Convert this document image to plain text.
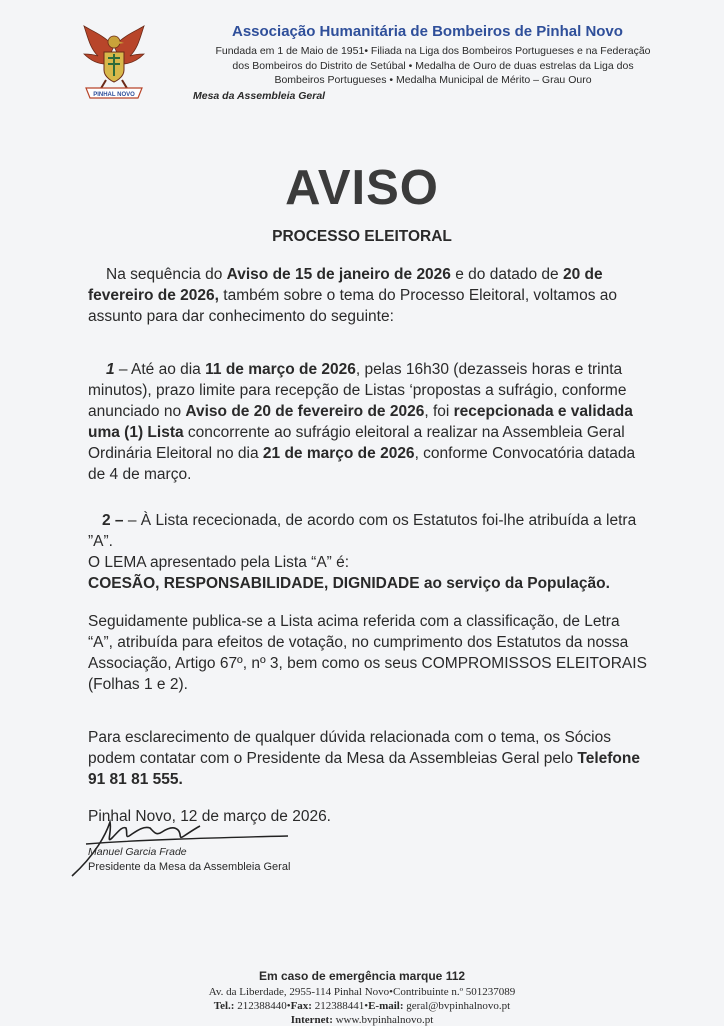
PINHAL NOVO
Associação Humanitária de Bombeiros de Pinhal Novo
Fundada em 1 de Maio de 1951• Filiada na Liga dos Bombeiros Portugueses e na Federação
dos Bombeiros do Distrito de Setúbal • Medalha de Ouro de duas estrelas da Liga dos
Bombeiros Portugueses • Medalha Municipal de Mérito – Grau Ouro
Mesa da Assembleia Geral
AVISO
PROCESSO ELEITORAL
Na sequência do Aviso de 15 de janeiro de 2026 e do datado de 20 de fevereiro de 2026, também sobre o tema do Processo Eleitoral, voltamos ao assunto para dar conhecimento do seguinte:
1 – Até ao dia 11 de março de 2026, pelas 16h30 (dezasseis horas e trinta minutos), prazo limite para recepção de Listas ‘propostas a sufrágio, conforme anunciado no Aviso de 20 de fevereiro de 2026, foi recepcionada e validada uma (1) Lista concorrente ao sufrágio eleitoral a realizar na Assembleia Geral Ordinária Eleitoral no dia 21 de março de 2026, conforme Convocatória datada de 4 de março.
2 – – À Lista rececionada, de acordo com os Estatutos foi-lhe atribuída a letra ”A”.
O LEMA apresentado pela Lista “A” é:
COESÃO, RESPONSABILIDADE, DIGNIDADE ao serviço da População.
Seguidamente publica-se a Lista acima referida com a classificação, de Letra “A”, atribuída para efeitos de votação, no cumprimento dos Estatutos da nossa Associação, Artigo 67º, nº 3, bem como os seus COMPROMISSOS ELEITORAIS (Folhas 1 e 2).
Para esclarecimento de qualquer dúvida relacionada com o tema, os Sócios podem contatar com o Presidente da Mesa da Assembleias Geral pelo Telefone 91 81 81 555.
Pinhal Novo, 12 de março de 2026.
Manuel Garcia Frade
Presidente da Mesa da Assembleia Geral
Em caso de emergência marque 112
Av. da Liberdade, 2955-114 Pinhal Novo•Contribuinte n.º 501237089
Tel.: 212388440•Fax: 212388441•E-mail: geral@bvpinhalnovo.pt
Internet: www.bvpinhalnovo.pt
